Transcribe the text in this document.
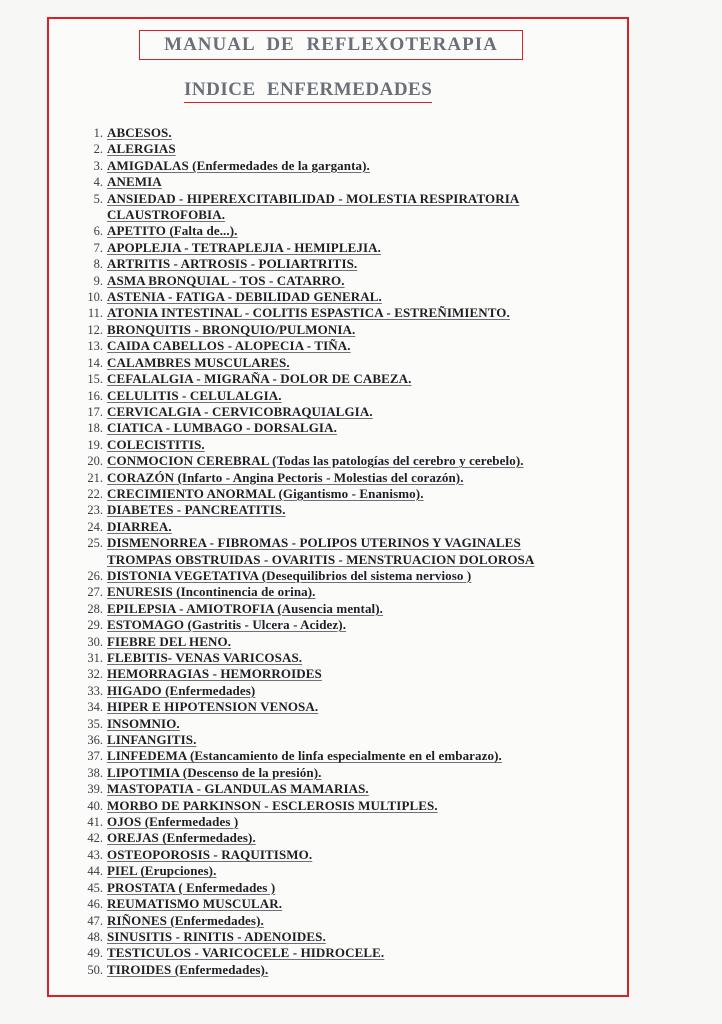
MANUAL DE REFLEXOTERAPIA
INDICE ENFERMEDADES
1. ABCESOS.
2. ALERGIAS
3. AMIGDALAS (Enfermedades de la garganta).
4. ANEMIA
5. ANSIEDAD - HIPEREXCITABILIDAD - MOLESTIA RESPIRATORIA
CLAUSTROFOBIA.
6. APETITO (Falta de...).
7. APOPLEJIA - TETRAPLEJIA - HEMIPLEJIA.
8. ARTRITIS - ARTROSIS - POLIARTRITIS.
9. ASMA BRONQUIAL - TOS - CATARRO.
10. ASTENIA - FATIGA - DEBILIDAD GENERAL.
11. ATONIA INTESTINAL - COLITIS ESPASTICA - ESTREÑIMIENTO.
12. BRONQUITIS - BRONQUIO/PULMONIA.
13. CAIDA CABELLOS - ALOPECIA - TIÑA.
14. CALAMBRES MUSCULARES.
15. CEFALALGIA - MIGRAÑA - DOLOR DE CABEZA.
16. CELULITIS - CELULALGIA.
17. CERVICALGIA - CERVICOBRAQUIALGIA.
18. CIATICA - LUMBAGO - DORSALGIA.
19. COLECISTITIS.
20. CONMOCION CEREBRAL (Todas las patologías del cerebro y cerebelo).
21. CORAZÓN (Infarto - Angina Pectoris - Molestias del corazón).
22. CRECIMIENTO ANORMAL (Gigantismo - Enanismo).
23. DIABETES - PANCREATITIS.
24. DIARREA.
25. DISMENORREA - FIBROMAS - POLIPOS UTERINOS Y VAGINALES
TROMPAS OBSTRUIDAS - OVARITIS - MENSTRUACION DOLOROSA
26. DISTONIA VEGETATIVA (Desequilibrios del sistema nervioso )
27. ENURESIS (Incontinencia de orina).
28. EPILEPSIA - AMIOTROFIA (Ausencia mental).
29. ESTOMAGO (Gastritis - Ulcera - Acidez).
30. FIEBRE DEL HENO.
31. FLEBITIS- VENAS VARICOSAS.
32. HEMORRAGIAS - HEMORROIDES
33. HIGADO (Enfermedades)
34. HIPER E HIPOTENSION VENOSA.
35. INSOMNIO.
36. LINFANGITIS.
37. LINFEDEMA (Estancamiento de linfa especialmente en el embarazo).
38. LIPOTIMIA (Descenso de la presión).
39. MASTOPATIA - GLANDULAS MAMARIAS.
40. MORBO DE PARKINSON - ESCLEROSIS MULTIPLES.
41. OJOS (Enfermedades )
42. OREJAS (Enfermedades).
43. OSTEOPOROSIS - RAQUITISMO.
44. PIEL (Erupciones).
45. PROSTATA ( Enfermedades )
46. REUMATISMO MUSCULAR.
47. RIÑONES (Enfermedades).
48. SINUSITIS - RINITIS - ADENOIDES.
49. TESTICULOS - VARICOCELE - HIDROCELE.
50. TIROIDES (Enfermedades).
